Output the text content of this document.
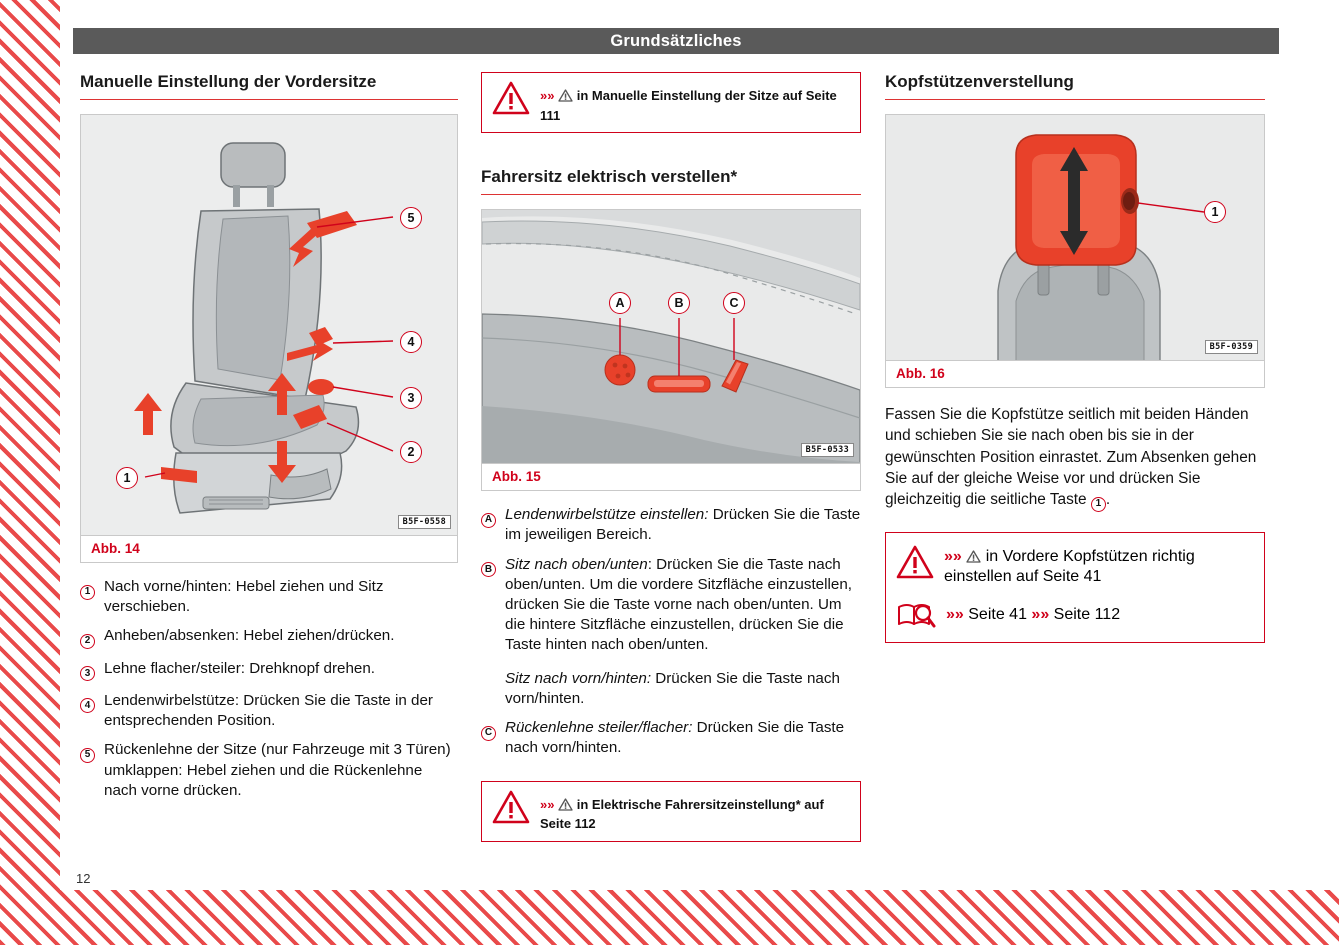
Grundsätzliches
Manuelle Einstellung der Vordersitze
5
4
3
2
1
B5F-0558
Abb. 14
1 Nach vorne/hinten: Hebel ziehen und Sitz verschieben.
2 Anheben/absenken: Hebel ziehen/drücken.
3 Lehne flacher/steiler: Drehknopf drehen.
4 Lendenwirbelstütze: Drücken Sie die Taste in der entsprechenden Position.
5 Rückenlehne der Sitze (nur Fahrzeuge mit 3 Türen) umklappen: Hebel ziehen und die Rückenlehne nach vorne drücken.
»» in Manuelle Einstellung der Sitze auf Seite 111
Fahrersitz elektrisch verstellen*
A	B	C
B5F-0533
Abb. 15
A Lendenwirbelstütze einstellen: Drücken Sie die Taste im jeweiligen Bereich.
B Sitz nach oben/unten: Drücken Sie die Taste nach oben/unten. Um die vordere Sitzfläche einzustellen, drücken Sie die Taste vorne nach oben/unten. Um die hintere Sitzfläche einzustellen, drücken Sie die Taste hinten nach oben/unten.
Sitz nach vorn/hinten: Drücken Sie die Taste nach vorn/hinten.
C Rückenlehne steiler/flacher: Drücken Sie die Taste nach vorn/hinten.
»» in Elektrische Fahrersitzeinstellung* auf Seite 112
Kopfstützenverstellung
1
B5F-0359
Abb. 16

Fassen Sie die Kopfstütze seitlich mit beiden Händen und schieben Sie sie nach oben bis sie in der gewünschten Position einrastet. Zum Absenken gehen Sie auf der gleiche Weise vor und drücken Sie gleichzeitig die seitliche Taste 1 .

»» in Vordere Kopfstützen richtig einstellen auf Seite 41
»» Seite 41 »» Seite 112
12
